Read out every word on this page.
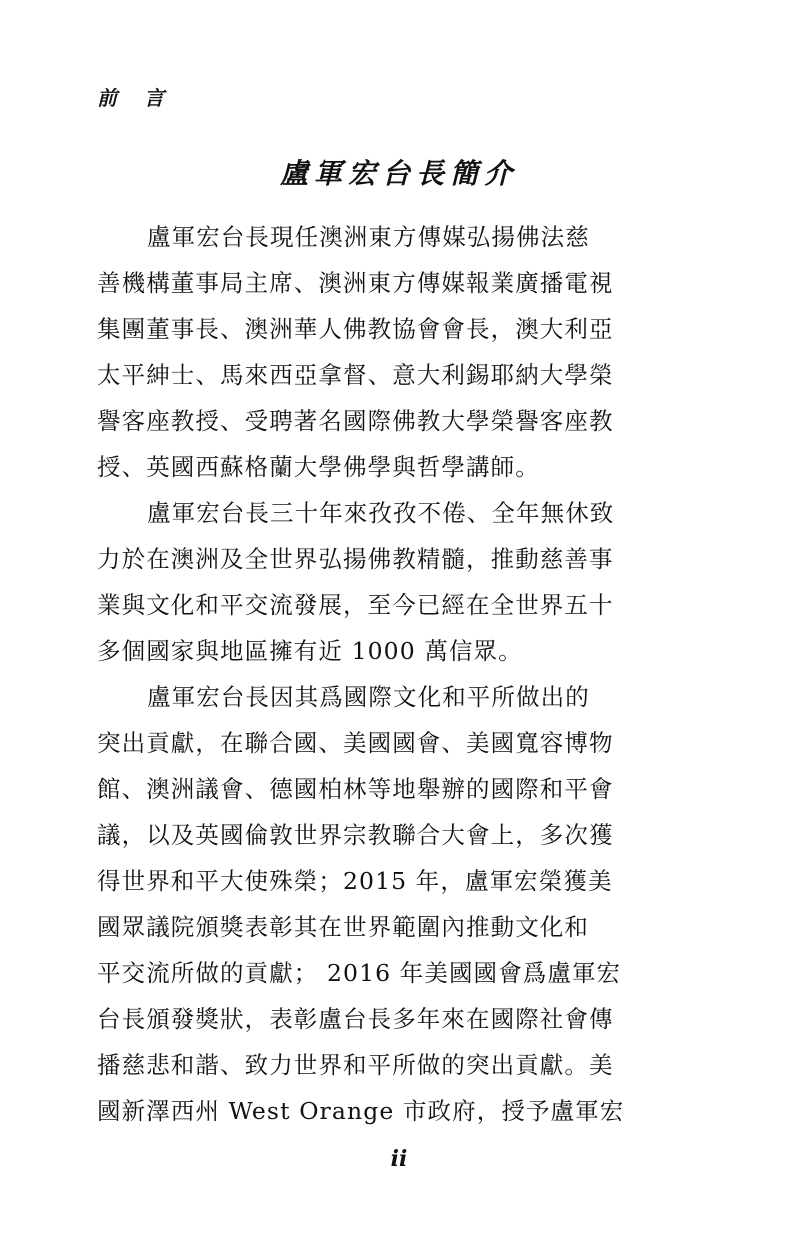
前 言
盧軍宏台長簡介
盧軍宏台長現任澳洲東方傳媒弘揚佛法慈
善機構董事局主席、澳洲東方傳媒報業廣播電視
集團董事長、澳洲華人佛教協會會長，澳大利亞
太平紳士、馬來西亞拿督、意大利錫耶納大學榮
譽客座教授、受聘著名國際佛教大學榮譽客座教
授、英國西蘇格蘭大學佛學與哲學講師。
盧軍宏台長三十年來孜孜不倦、全年無休致
力於在澳洲及全世界弘揚佛教精髓，推動慈善事
業與文化和平交流發展，至今已經在全世界五十
多個國家與地區擁有近 1000 萬信眾。
盧軍宏台長因其爲國際文化和平所做出的
突出貢獻，在聯合國、美國國會、美國寬容博物
館、澳洲議會、德國柏林等地舉辦的國際和平會
議，以及英國倫敦世界宗教聯合大會上，多次獲
得世界和平大使殊榮；2015 年，盧軍宏榮獲美
國眾議院頒獎表彰其在世界範圍內推動文化和
平交流所做的貢獻； 2016 年美國國會爲盧軍宏
台長頒發獎狀，表彰盧台長多年來在國際社會傳
播慈悲和諧、致力世界和平所做的突出貢獻。美
國新澤西州 West Orange 市政府，授予盧軍宏
ii
